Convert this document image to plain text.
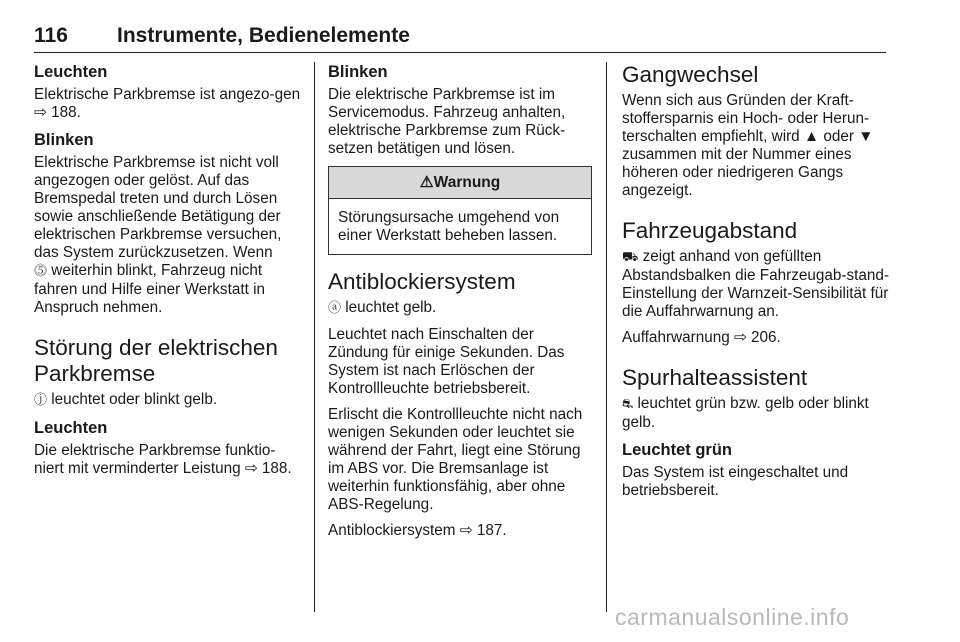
116 Instrumente, Bedienelemente
Leuchten

Elektrische Parkbremse ist angezo-gen ⇨ 188.

Blinken

Elektrische Parkbremse ist nicht voll angezogen oder gelöst. Auf das Bremspedal treten und durch Lösen sowie anschließende Betätigung der elektrischen Parkbremse versuchen, das System zurückzusetzen. Wenn
⓹ weiterhin blinkt, Fahrzeug nicht fahren und Hilfe einer Werkstatt in Anspruch nehmen.

Störung der elektrischen Parkbremse

ⓙ leuchtet oder blinkt gelb.

Leuchten

Die elektrische Parkbremse funktio-niert mit verminderter Leistung ⇨ 188.

Blinken

Die elektrische Parkbremse ist im Servicemodus. Fahrzeug anhalten, elektrische Parkbremse zum Rück-setzen betätigen und lösen.

⚠Warnung
Störungsursache umgehend von einer Werkstatt beheben lassen.
Antiblockiersystem

ⓐ leuchtet gelb.

Leuchtet nach Einschalten der Zündung für einige Sekunden. Das System ist nach Erlöschen der Kontrollleuchte betriebsbereit.

Erlischt die Kontrollleuchte nicht nach wenigen Sekunden oder leuchtet sie während der Fahrt, liegt eine Störung im ABS vor. Die Bremsanlage ist weiterhin funktionsfähig, aber ohne ABS-Regelung.

Antiblockiersystem ⇨ 187.

Gangwechsel

Wenn sich aus Gründen der Kraft-stoffersparnis ein Hoch- oder Herun-terschalten empfiehlt, wird ▲ oder ▼ zusammen mit der Nummer eines höheren oder niedrigeren Gangs angezeigt.

Fahrzeugabstand

⛟ zeigt anhand von gefüllten Abstandsbalken die Fahrzeugab-stand-Einstellung der Warnzeit-Sensibilität für die Auffahrwarnung an.

Auffahrwarnung ⇨ 206.

Spurhalteassistent

⛐ leuchtet grün bzw. gelb oder blinkt gelb.

Leuchtet grün

Das System ist eingeschaltet und betriebsbereit.

carmanualsonline.info
